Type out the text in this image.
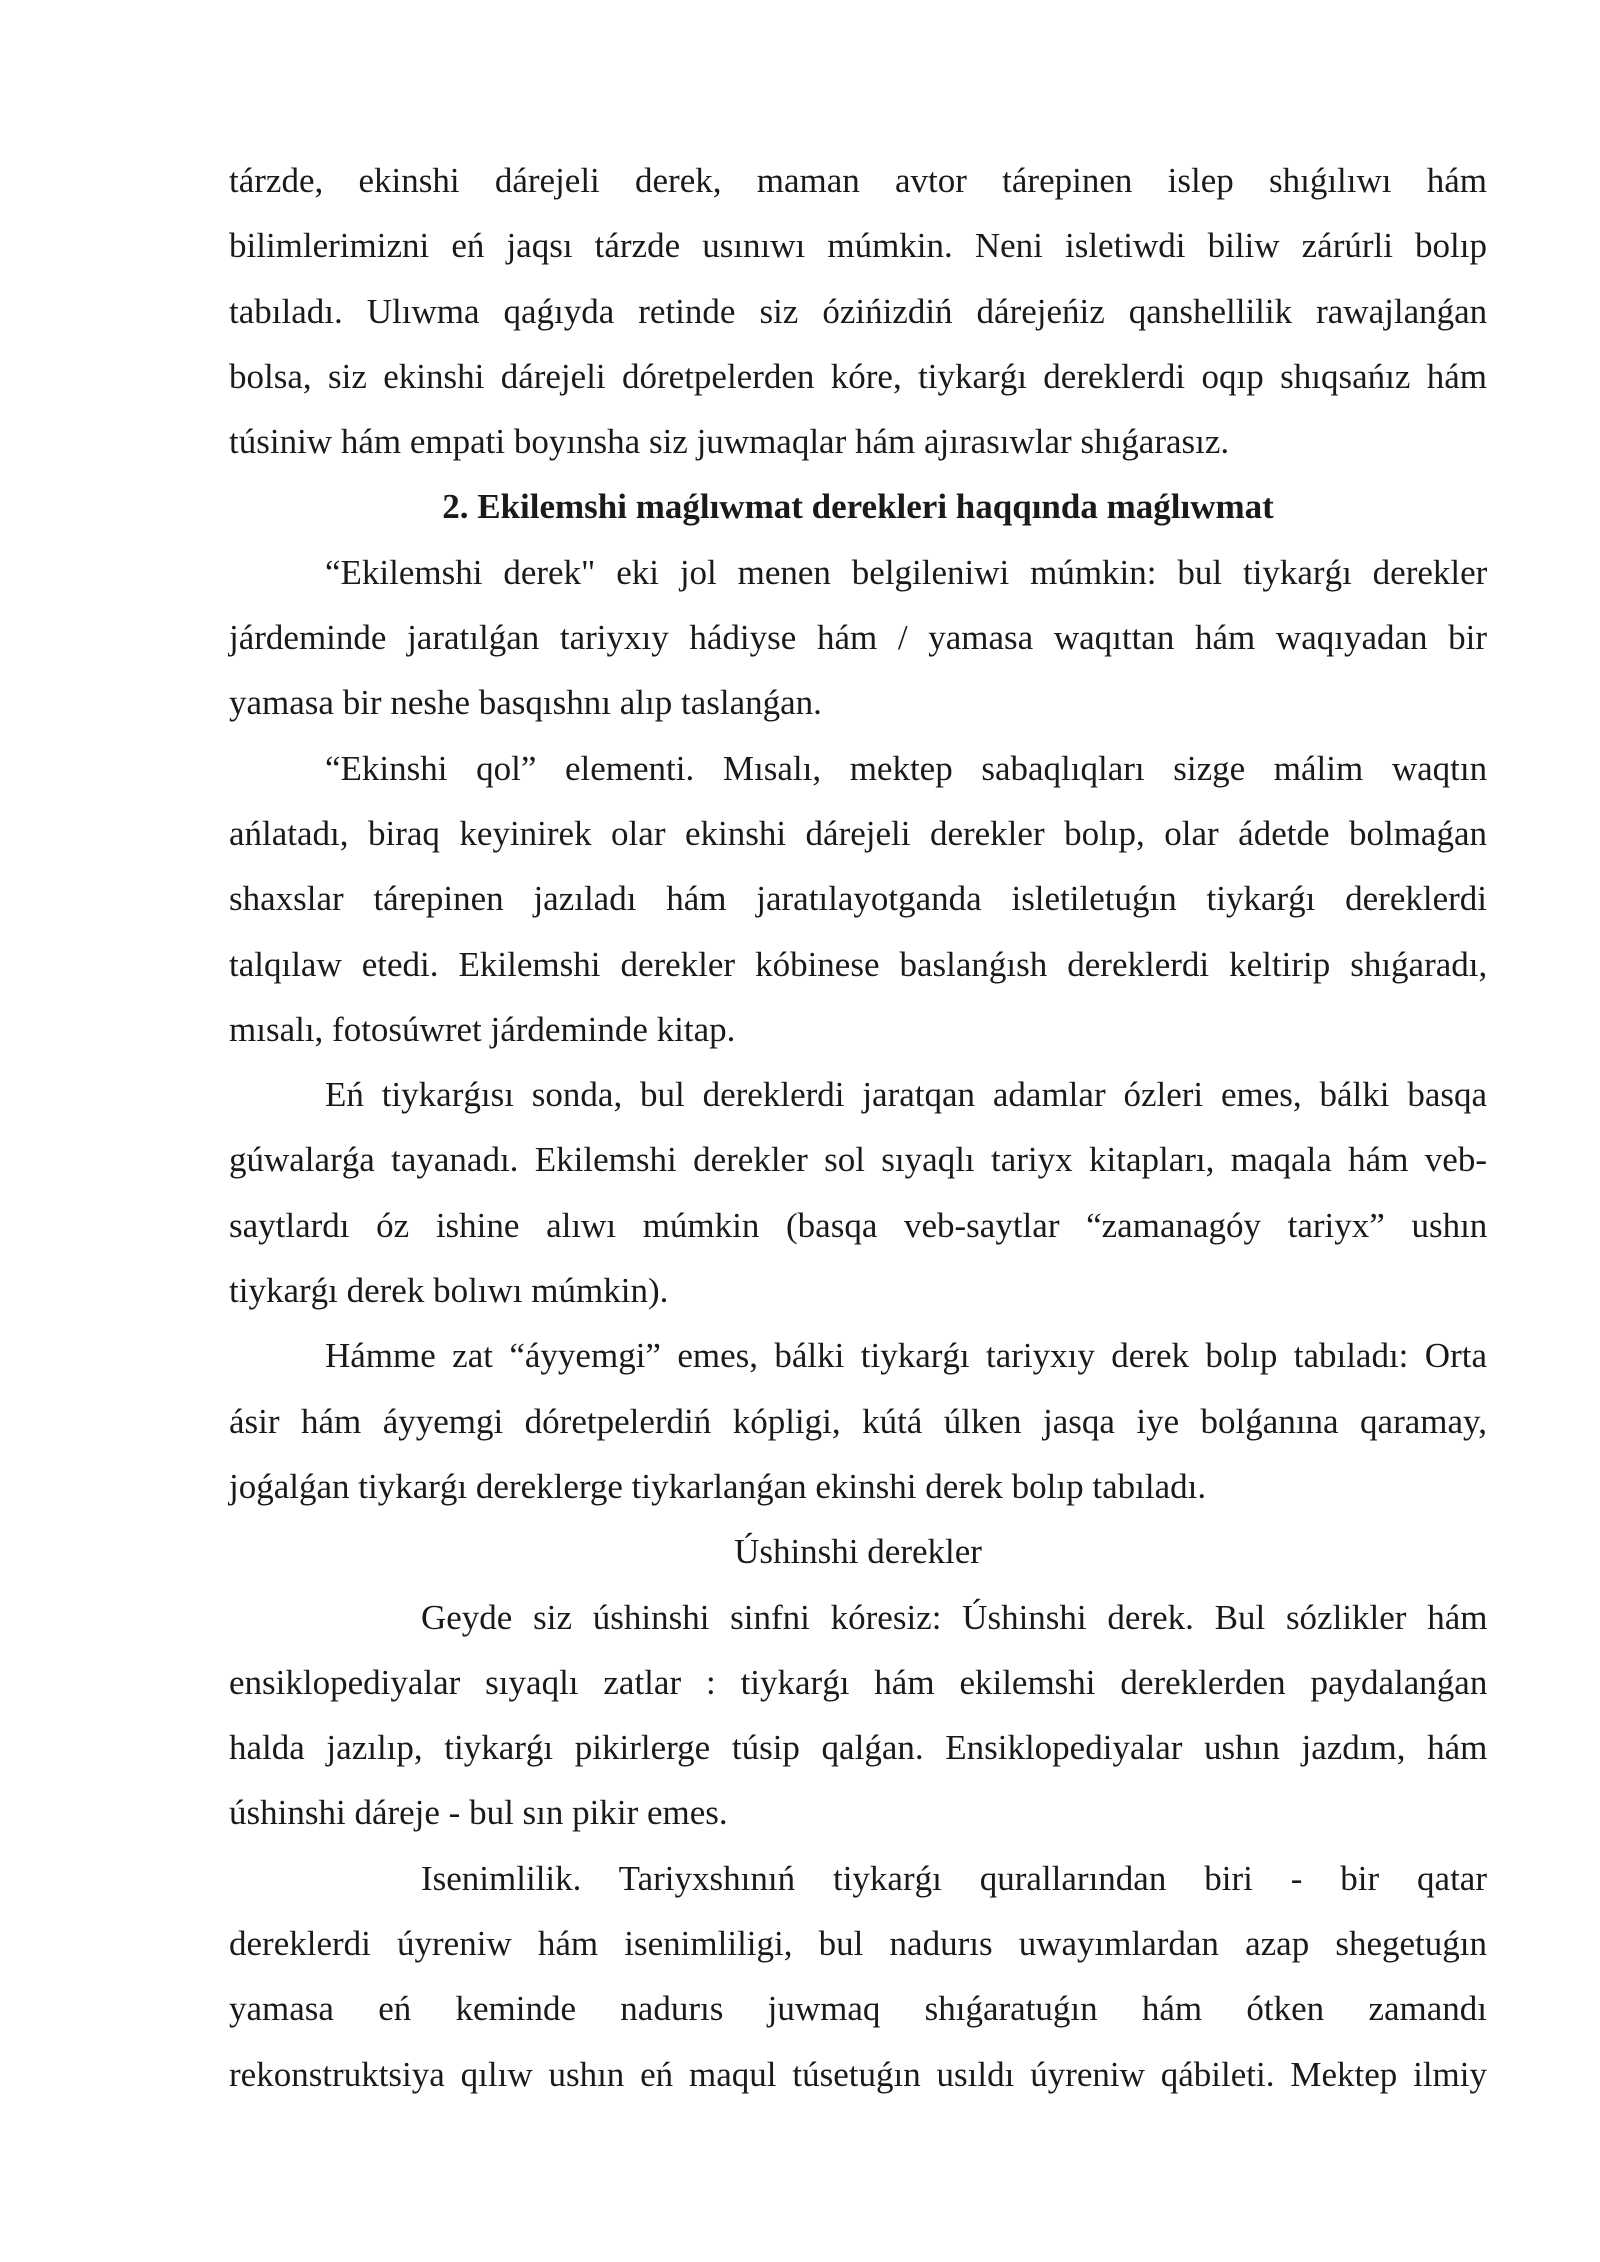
tárzde, ekinshi dárejeli derek, maman avtor tárepinen islep shıǵılıwı hám
bilimlerimizni eń jaqsı tárzde usınıwı múmkin. Neni isletiwdi biliw zárúrli bolıp
tabıladı. Ulıwma qaǵıyda retinde siz ózińizdiń dárejeńiz qanshellilik rawajlanǵan
bolsa, siz ekinshi dárejeli dóretpelerden kóre, tiykarǵı dereklerdi oqıp shıqsańız hám
túsiniw hám empati boyınsha siz juwmaqlar hám ajırasıwlar shıǵarasız.

2. Ekilemshi maǵlıwmat derekleri haqqında maǵlıwmat

“Ekilemshi derek" eki jol menen belgileniwi múmkin: bul tiykarǵı derekler
járdeminde jaratılǵan tariyxıy hádiyse hám / yamasa waqıttan hám waqıyadan bir
yamasa bir neshe basqıshnı alıp taslanǵan.

“Ekinshi qol” elementi. Mısalı, mektep sabaqlıqları sizge málim waqtın
ańlatadı, biraq keyinirek olar ekinshi dárejeli derekler bolıp, olar ádetde bolmaǵan
shaxslar tárepinen jazıladı hám jaratılayotganda isletiletuǵın tiykarǵı dereklerdi
talqılaw etedi. Ekilemshi derekler kóbinese baslanǵısh dereklerdi keltirip shıǵaradı,
mısalı, fotosúwret járdeminde kitap.

Eń tiykarǵısı sonda, bul dereklerdi jaratqan adamlar ózleri emes, bálki basqa
gúwalarǵa tayanadı. Ekilemshi derekler sol sıyaqlı tariyx kitapları, maqala hám veb-
saytlardı óz ishine alıwı múmkin (basqa veb-saytlar “zamanagóy tariyx” ushın
tiykarǵı derek bolıwı múmkin).

Hámme zat “áyyemgi” emes, bálki tiykarǵı tariyxıy derek bolıp tabıladı: Orta
ásir hám áyyemgi dóretpelerdiń kópligi, kútá úlken jasqa iye bolǵanına qaramay,
joǵalǵan tiykarǵı dereklerge tiykarlanǵan ekinshi derek bolıp tabıladı.

Úshinshi derekler

Geyde siz úshinshi sinfni kóresiz: Úshinshi derek. Bul sózlikler hám
ensiklopediyalar sıyaqlı zatlar : tiykarǵı hám ekilemshi dereklerden paydalanǵan
halda jazılıp, tiykarǵı pikirlerge túsip qalǵan. Ensiklopediyalar ushın jazdım, hám
úshinshi dáreje - bul sın pikir emes.

Isenimlilik. Tariyxshınıń tiykarǵı qurallarından biri - bir qatar
dereklerdi úyreniw hám isenimliligi, bul nadurıs uwayımlardan azap shegetuǵın
yamasa eń keminde nadurıs juwmaq shıǵaratuǵın hám ótken zamandı
rekonstruktsiya qılıw ushın eń maqul túsetuǵın usıldı úyreniw qábileti. Mektep ilmiy
